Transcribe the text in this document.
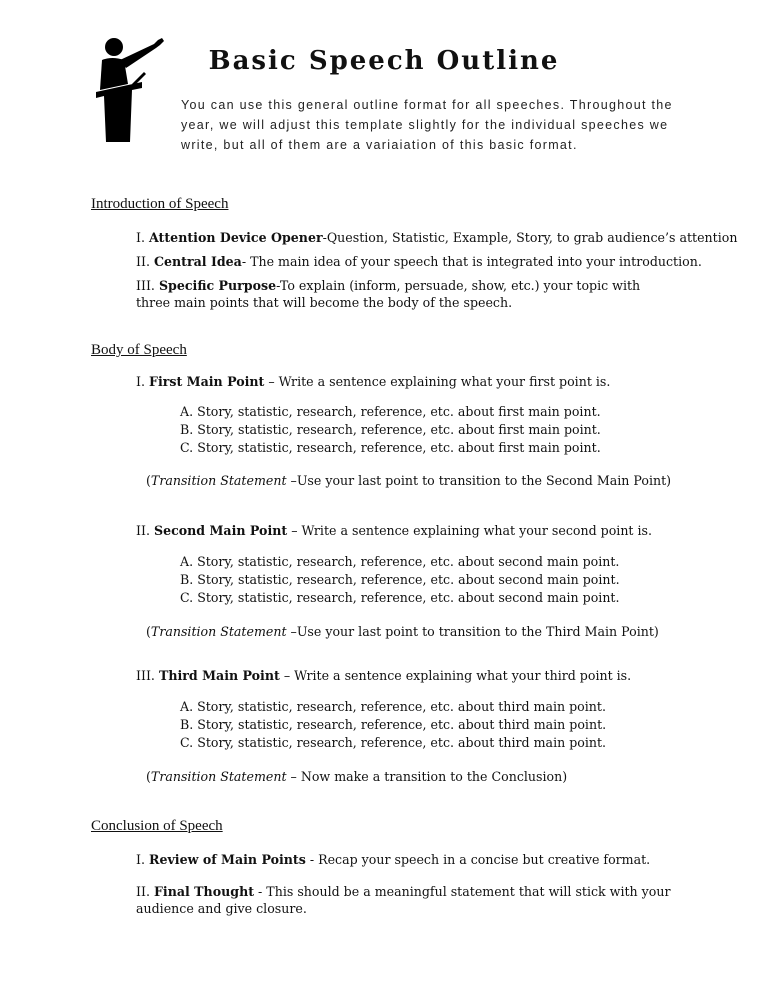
Basic Speech Outline
You can use this general outline format for all speeches. Throughout the year, we will adjust this template slightly for the individual speeches we write, but all of them are a variaiation of this basic format.
Introduction of Speech
I. Attention Device Opener-Question, Statistic, Example, Story, to grab audience’s attention
II. Central Idea- The main idea of your speech that is integrated into your introduction.
III. Specific Purpose-To explain (inform, persuade, show, etc.) your topic with three main points that will become the body of the speech.
Body of Speech
I. First Main Point – Write a sentence explaining what your first point is.
A. Story, statistic, research, reference, etc. about first main point.
B. Story, statistic, research, reference, etc. about first main point.
C. Story, statistic, research, reference, etc. about first main point.
(Transition Statement –Use your last point to transition to the Second Main Point)
II. Second Main Point – Write a sentence explaining what your second point is.
A. Story, statistic, research, reference, etc. about second main point.
B. Story, statistic, research, reference, etc. about second main point.
C. Story, statistic, research, reference, etc. about second main point.
(Transition Statement –Use your last point to transition to the Third Main Point)
III. Third Main Point – Write a sentence explaining what your third point is.
A. Story, statistic, research, reference, etc. about third main point.
B. Story, statistic, research, reference, etc. about third main point.
C. Story, statistic, research, reference, etc. about third main point.
(Transition Statement – Now make a transition to the Conclusion)
Conclusion of Speech
I. Review of Main Points - Recap your speech in a concise but creative format.
II. Final Thought - This should be a meaningful statement that will stick with your audience and give closure.
